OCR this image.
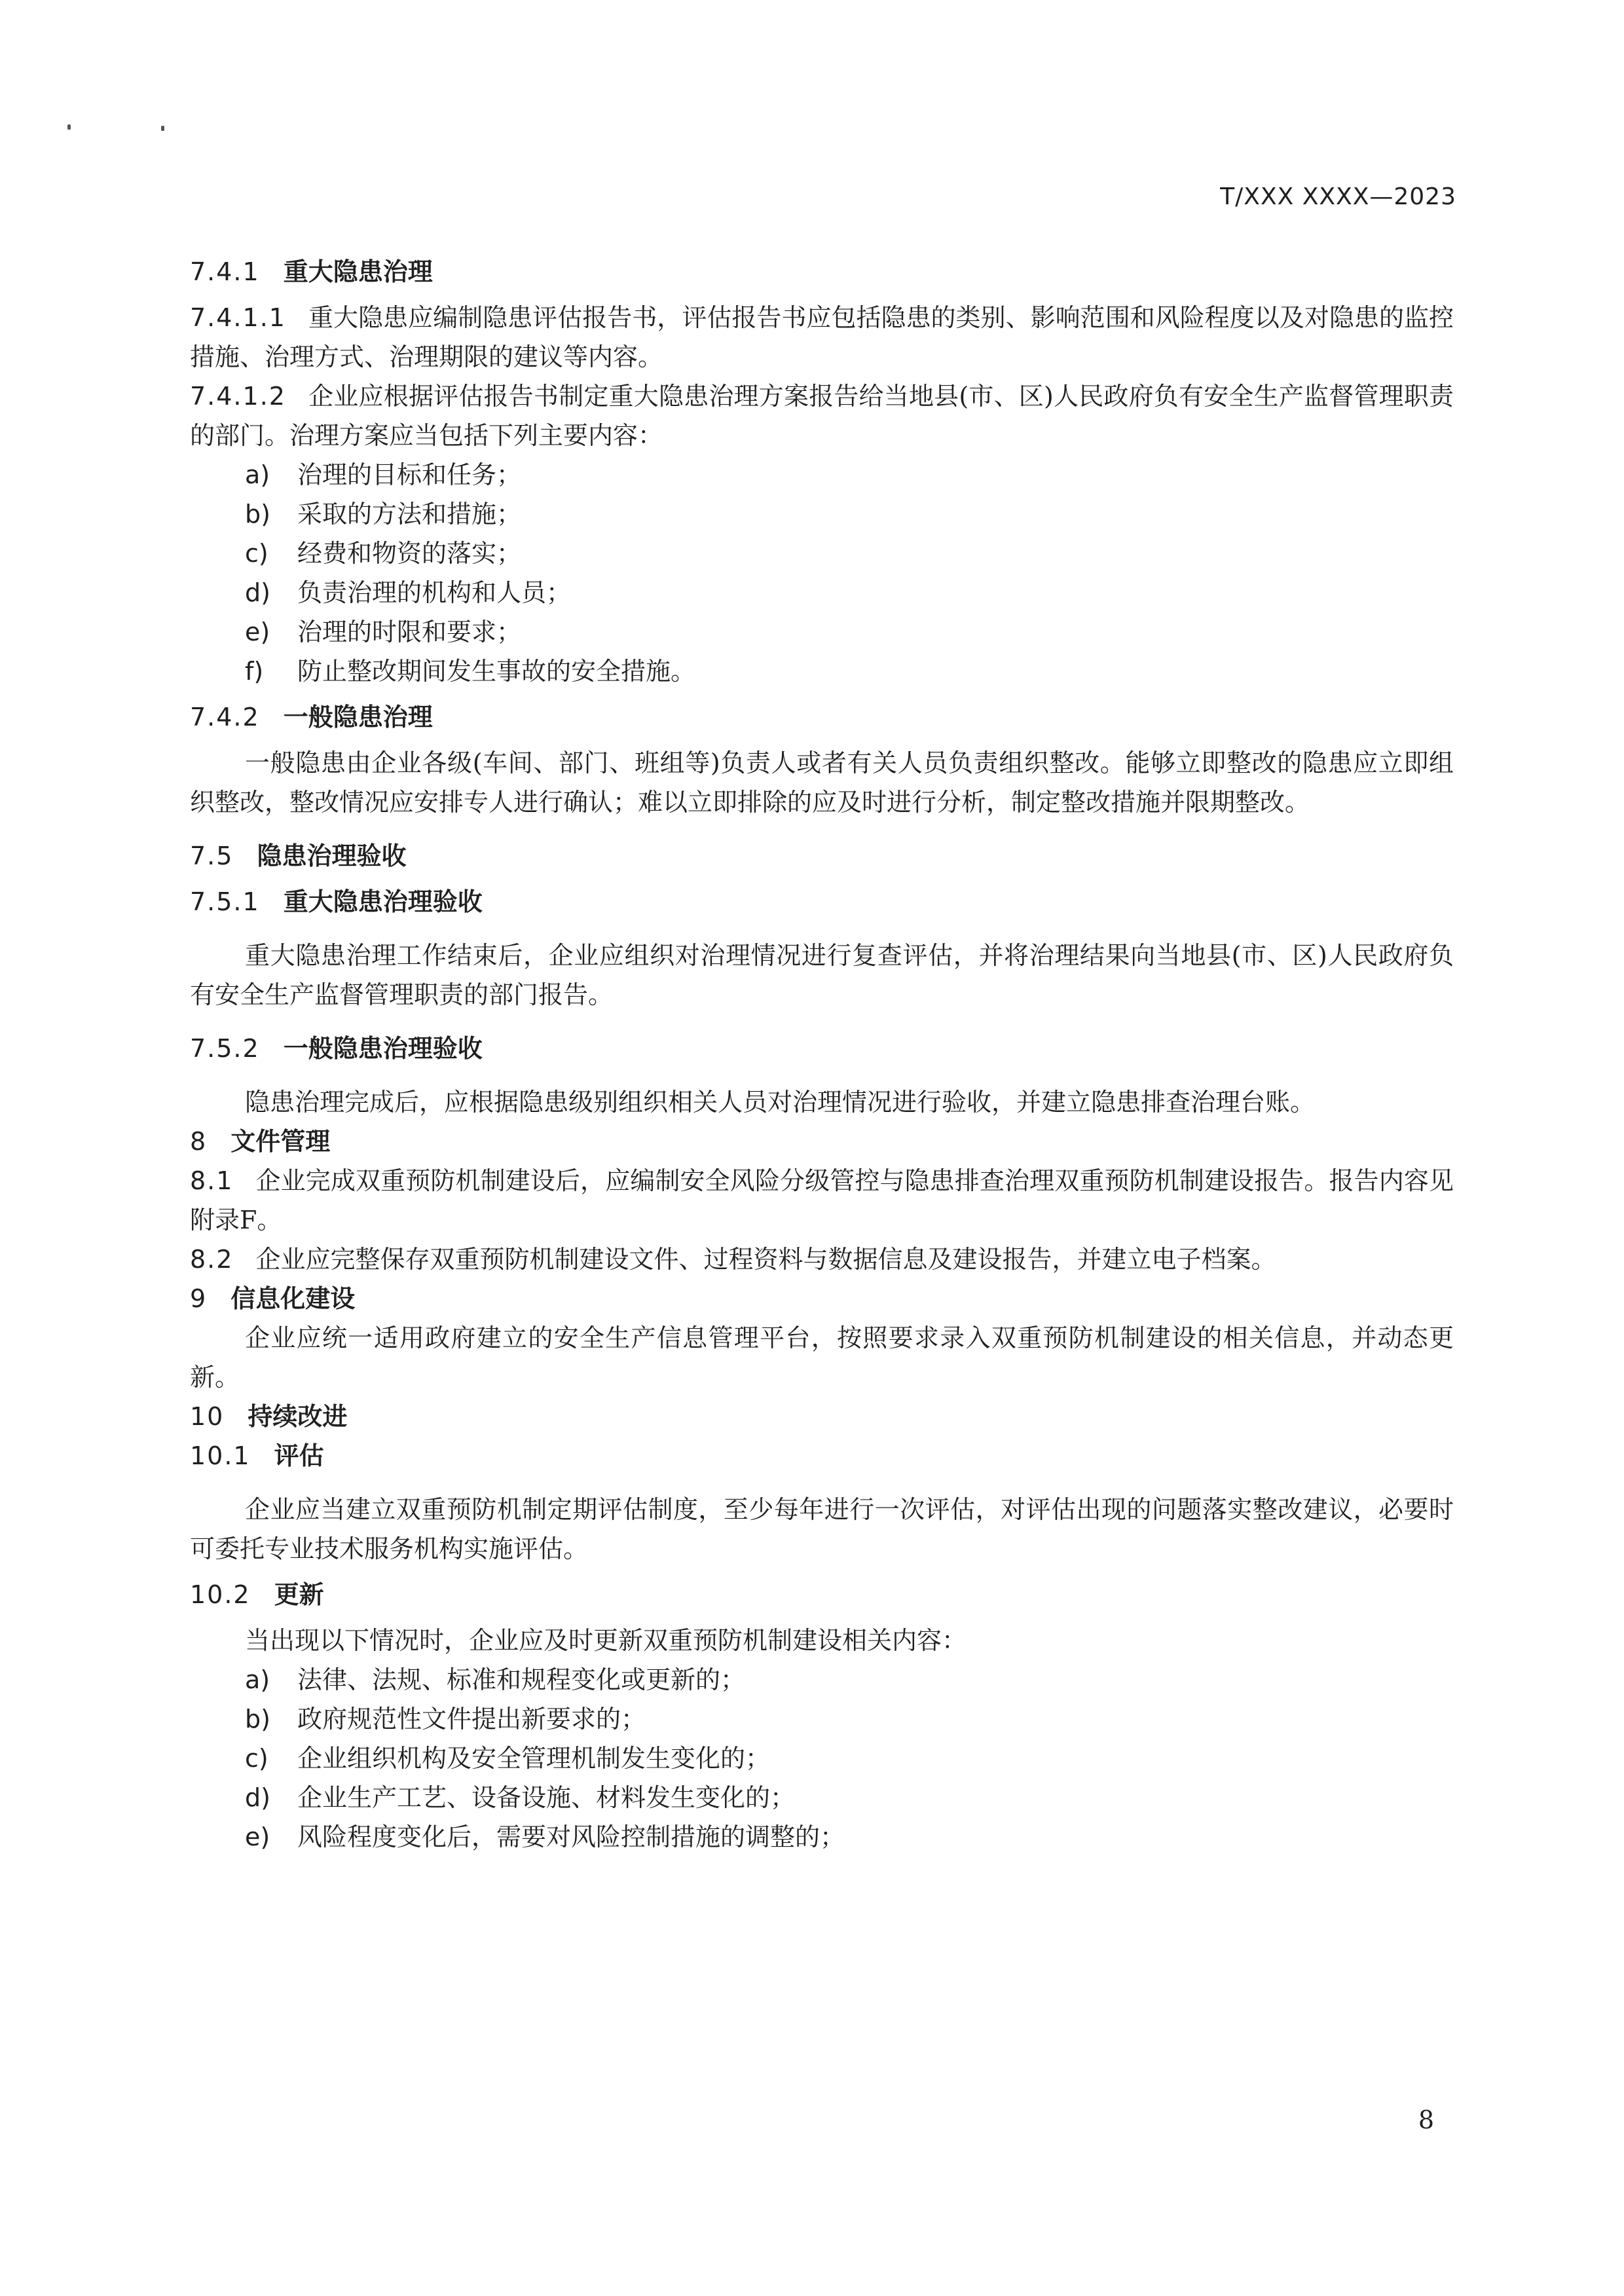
T/XXX XXXX—2023

7.4.1 重大隐患治理

7.4.1.1 重大隐患应编制隐患评估报告书，评估报告书应包括隐患的类别、影响范围和风险程度以及对隐患的监控措施、治理方式、治理期限的建议等内容。

7.4.1.2 企业应根据评估报告书制定重大隐患治理方案报告给当地县(市、区)人民政府负有安全生产监督管理职责的部门。治理方案应当包括下列主要内容：

a) 治理的目标和任务；
b) 采取的方法和措施；
c) 经费和物资的落实；
d) 负责治理的机构和人员；
e) 治理的时限和要求；
f) 防止整改期间发生事故的安全措施。

7.4.2 一般隐患治理

一般隐患由企业各级(车间、部门、班组等)负责人或者有关人员负责组织整改。能够立即整改的隐患应立即组织整改，整改情况应安排专人进行确认；难以立即排除的应及时进行分析，制定整改措施并限期整改。

7.5 隐患治理验收

7.5.1 重大隐患治理验收

重大隐患治理工作结束后，企业应组织对治理情况进行复查评估，并将治理结果向当地县(市、区)人民政府负有安全生产监督管理职责的部门报告。

7.5.2 一般隐患治理验收

隐患治理完成后，应根据隐患级别组织相关人员对治理情况进行验收，并建立隐患排查治理台账。

8 文件管理

8.1 企业完成双重预防机制建设后，应编制安全风险分级管控与隐患排查治理双重预防机制建设报告。报告内容见附录F。

8.2 企业应完整保存双重预防机制建设文件、过程资料与数据信息及建设报告，并建立电子档案。

9 信息化建设

企业应统一适用政府建立的安全生产信息管理平台，按照要求录入双重预防机制建设的相关信息，并动态更新。

10 持续改进

10.1 评估

企业应当建立双重预防机制定期评估制度，至少每年进行一次评估，对评估出现的问题落实整改建议，必要时可委托专业技术服务机构实施评估。

10.2 更新

当出现以下情况时，企业应及时更新双重预防机制建设相关内容：

a) 法律、法规、标准和规程变化或更新的；
b) 政府规范性文件提出新要求的；
c) 企业组织机构及安全管理机制发生变化的；
d) 企业生产工艺、设备设施、材料发生变化的；
e) 风险程度变化后，需要对风险控制措施的调整的；
8
